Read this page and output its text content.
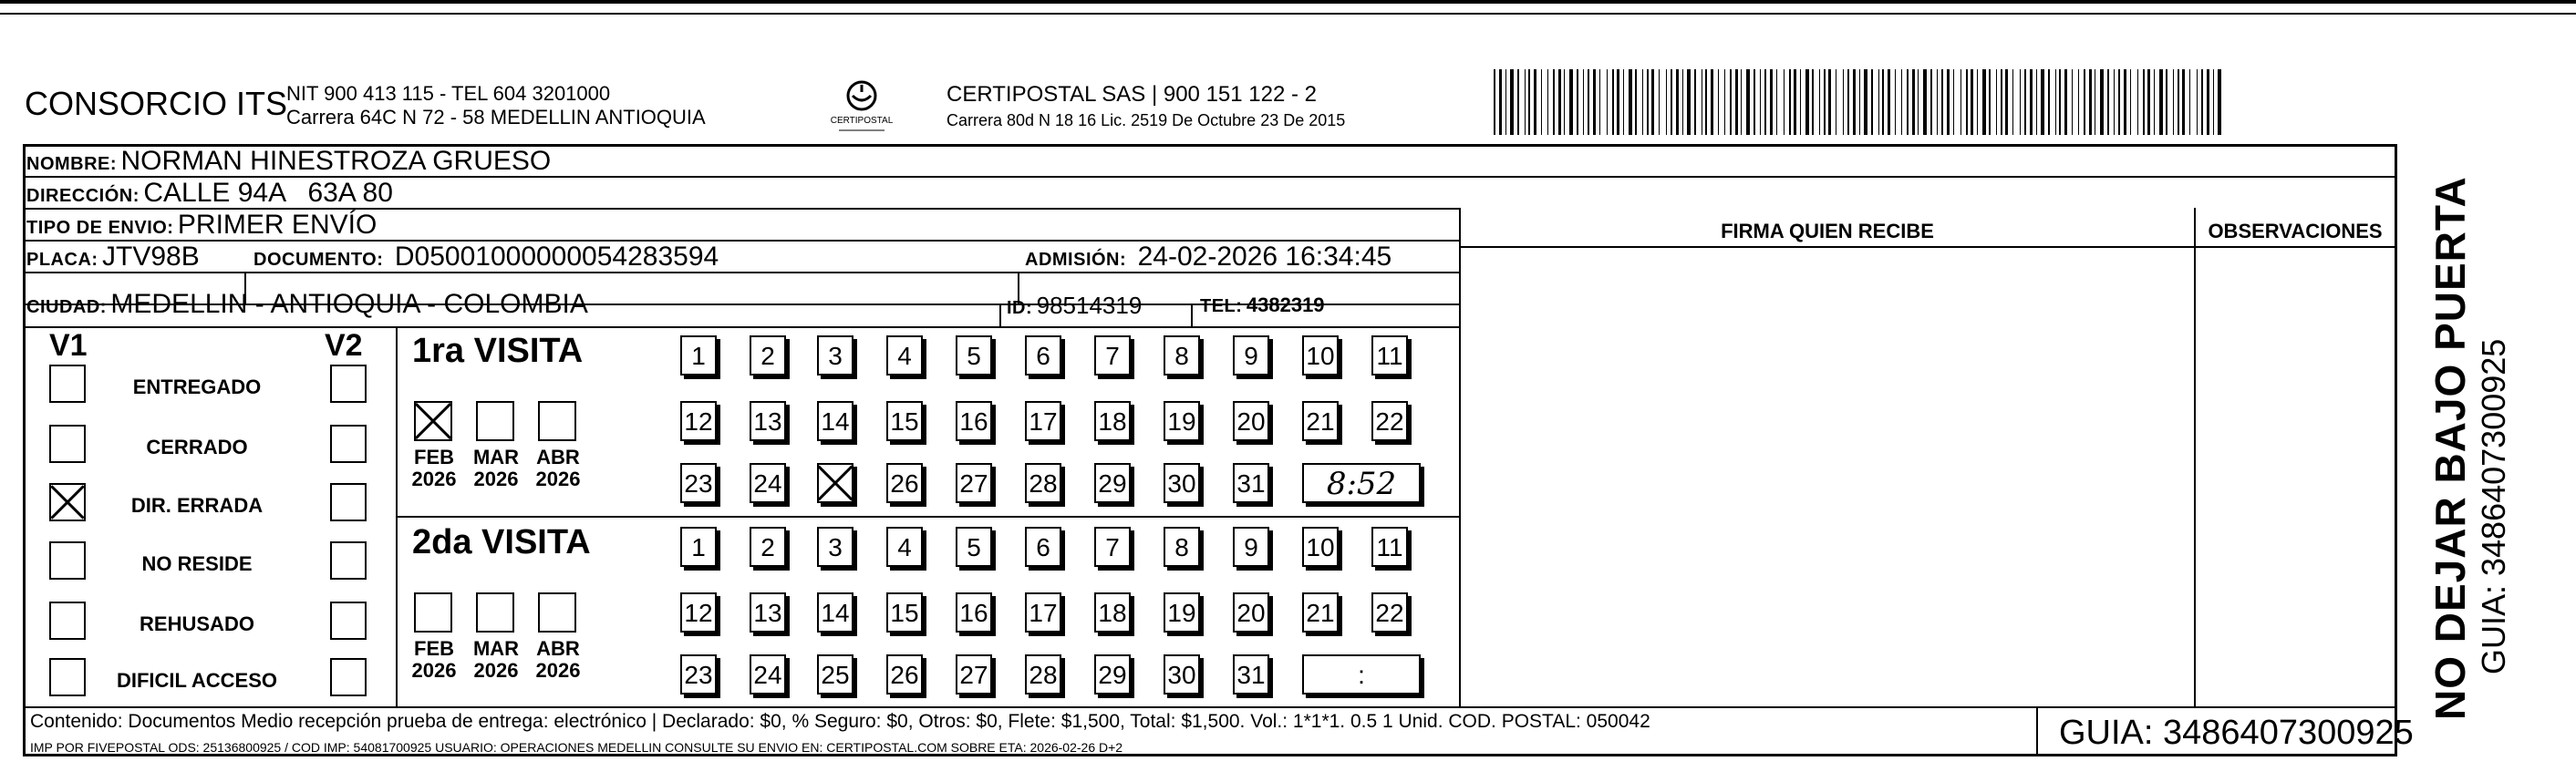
CONSORCIO ITS
NIT 900 413 115 - TEL 604 3201000
Carrera 64C N 72 - 58 MEDELLIN ANTIOQUIA	CERTIPOSTAL
CERTIPOSTAL SAS | 900 151 122 - 2
Carrera 80d N 18 16 Lic. 2519 De Octubre 23 De 2015
NOMBRE: NORMAN HINESTROZA GRUESO
DIRECCIÓN: CALLE 94A   63A 80
TIPO DE ENVIO: PRIMER ENVÍO
PLACA: JTV98B	DOCUMENTO: D05001000000054283594	ADMISIÓN: 24-02-2026 16:34:45
CIUDAD: MEDELLIN - ANTIOQUIA - COLOMBIA	ID: 98514319	TEL: 4382319
FIRMA QUIEN RECIBE	OBSERVACIONES
V1	V2
ENTREGADO
CERRADO
DIR. ERRADA
NO RESIDE
REHUSADO
DIFICIL ACCESO
1ra VISITA
FEB
2026
MAR
2026
ABR
2026
1	2	3	4	5	6	7	8	9	10 11
12 13 14 15 16 17 18 19 20 21 22
23 24	26 27 28 29 30 31	8:52
2da VISITA
FEB
2026
MAR
2026
ABR
2026
1	2	3	4	5	6	7	8	9	10 11
12 13 14 15 16 17 18 19 20 21 22
23 24 25 26 27 28 29 30 31	:	NO DEJAR BAJO PUERTA GUIA: 3486407300925
Contenido: Documentos Medio recepción prueba de entrega: electrónico | Declarado: $0, % Seguro: $0, Otros: $0, Flete: $1,500, Total: $1,500. Vol.: 1*1*1. 0.5 1 Unid. COD. POSTAL: 050042
IMP POR FIVEPOSTAL ODS: 25136800925 / COD IMP: 54081700925 USUARIO: OPERACIONES MEDELLIN CONSULTE SU ENVIO EN: CERTIPOSTAL.COM SOBRE ETA: 2026-02-26 D+2	GUIA: 3486407300925
